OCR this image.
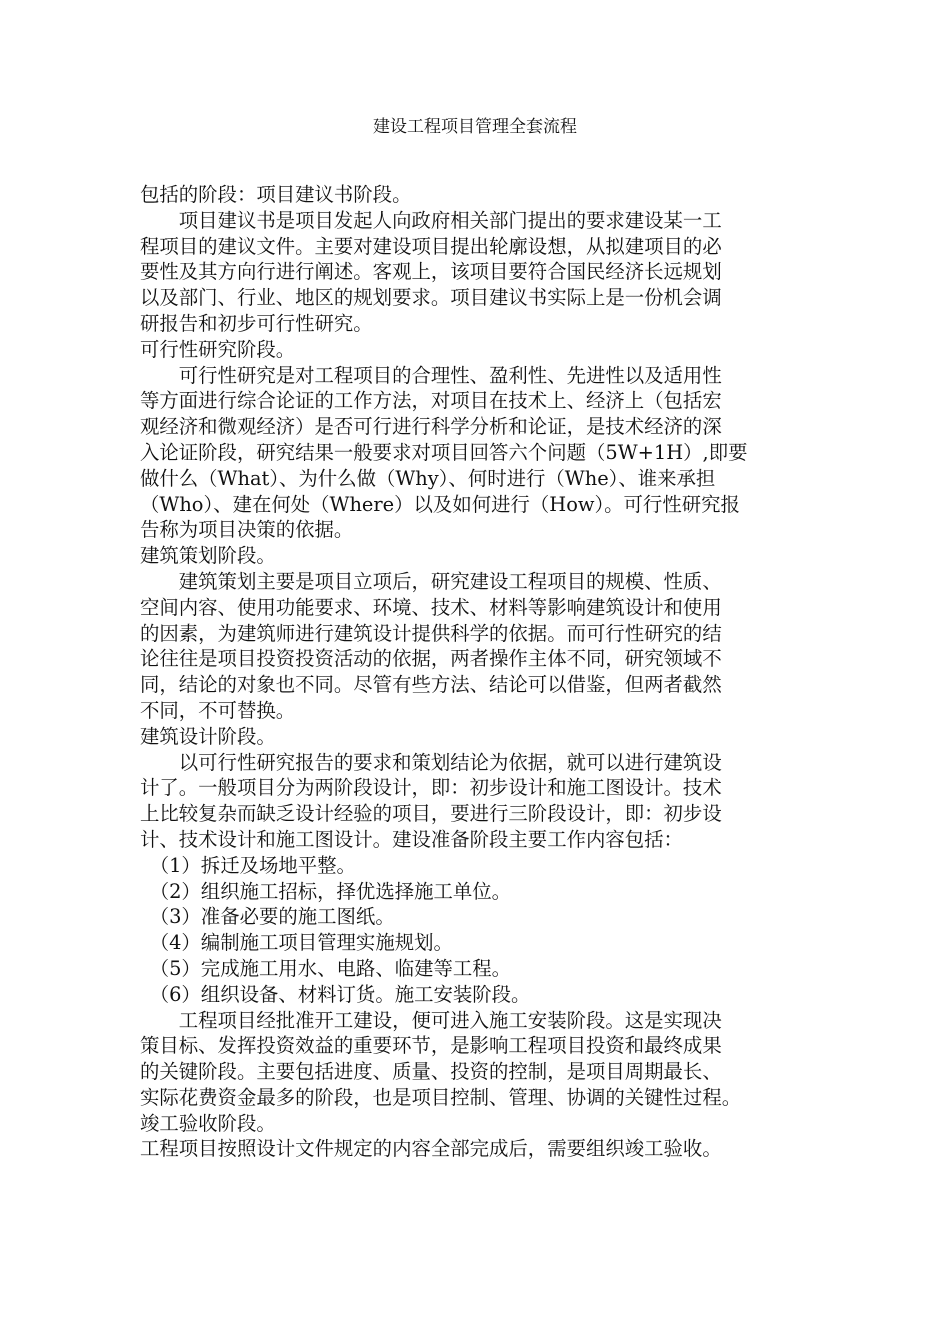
建设工程项目管理全套流程
包括的阶段：项目建议书阶段。
　　项目建议书是项目发起人向政府相关部门提出的要求建设某一工
程项目的建议文件。主要对建设项目提出轮廓设想，从拟建项目的必
要性及其方向行进行阐述。客观上，该项目要符合国民经济长远规划
以及部门、行业、地区的规划要求。项目建议书实际上是一份机会调
研报告和初步可行性研究。
可行性研究阶段。
　　可行性研究是对工程项目的合理性、盈利性、先进性以及适用性
等方面进行综合论证的工作方法，对项目在技术上、经济上（包括宏
观经济和微观经济）是否可行进行科学分析和论证，是技术经济的深
入论证阶段，研究结果一般要求对项目回答六个问题（5W+1H）,即要
做什么（What）、为什么做（Why）、何时进行（Whe）、谁来承担
（Who）、建在何处（Where）以及如何进行（How）。可行性研究报
告称为项目决策的依据。
建筑策划阶段。
　　建筑策划主要是项目立项后，研究建设工程项目的规模、性质、
空间内容、使用功能要求、环境、技术、材料等影响建筑设计和使用
的因素，为建筑师进行建筑设计提供科学的依据。而可行性研究的结
论往往是项目投资投资活动的依据，两者操作主体不同，研究领域不
同，结论的对象也不同。尽管有些方法、结论可以借鉴，但两者截然
不同，不可替换。
建筑设计阶段。
　　以可行性研究报告的要求和策划结论为依据，就可以进行建筑设
计了。一般项目分为两阶段设计，即：初步设计和施工图设计。技术
上比较复杂而缺乏设计经验的项目，要进行三阶段设计，即：初步设
计、技术设计和施工图设计。建设准备阶段主要工作内容包括：
　（1）拆迁及场地平整。
　（2）组织施工招标，择优选择施工单位。
　（3）准备必要的施工图纸。
　（4）编制施工项目管理实施规划。
　（5）完成施工用水、电路、临建等工程。
　（6）组织设备、材料订货。施工安装阶段。
　　工程项目经批准开工建设，便可进入施工安装阶段。这是实现决
策目标、发挥投资效益的重要环节，是影响工程项目投资和最终成果
的关键阶段。主要包括进度、质量、投资的控制，是项目周期最长、
实际花费资金最多的阶段，也是项目控制、管理、协调的关键性过程。
竣工验收阶段。
工程项目按照设计文件规定的内容全部完成后，需要组织竣工验收。
